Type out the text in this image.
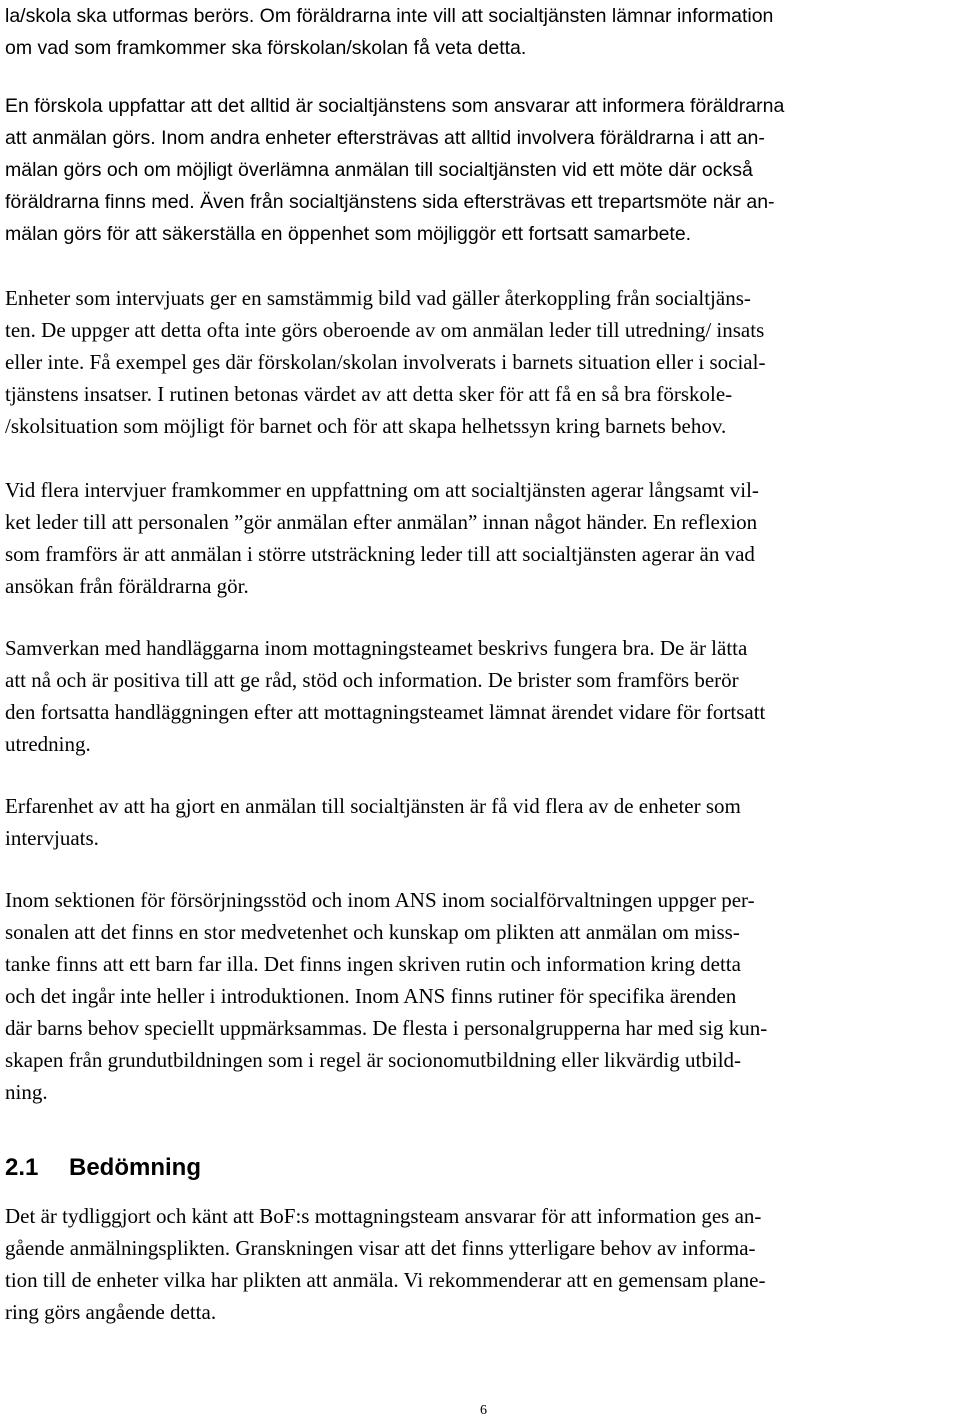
la/skola ska utformas berörs. Om föräldrarna inte vill att socialtjänsten lämnar information
om vad som framkommer ska förskolan/skolan få veta detta.

En förskola uppfattar att det alltid är socialtjänstens som ansvarar att informera föräldrarna
att anmälan görs. Inom andra enheter eftersträvas att alltid involvera föräldrarna i att an-
mälan görs och om möjligt överlämna anmälan till socialtjänsten vid ett möte där också
föräldrarna finns med. Även från socialtjänstens sida eftersträvas ett trepartsmöte när an-
mälan görs för att säkerställa en öppenhet som möjliggör ett fortsatt samarbete.

Enheter som intervjuats ger en samstämmig bild vad gäller återkoppling från socialtjäns-
ten. De uppger att detta ofta inte görs oberoende av om anmälan leder till utredning/ insats
eller inte. Få exempel ges där förskolan/skolan involverats i barnets situation eller i social-
tjänstens insatser. I rutinen betonas värdet av att detta sker för att få en så bra förskole-
/skolsituation som möjligt för barnet och för att skapa helhetssyn kring barnets behov.

Vid flera intervjuer framkommer en uppfattning om att socialtjänsten agerar långsamt vil-
ket leder till att personalen ”gör anmälan efter anmälan” innan något händer. En reflexion
som framförs är att anmälan i större utsträckning leder till att socialtjänsten agerar än vad
ansökan från föräldrarna gör.

Samverkan med handläggarna inom mottagningsteamet beskrivs fungera bra. De är lätta
att nå och är positiva till att ge råd, stöd och information. De brister som framförs berör
den fortsatta handläggningen efter att mottagningsteamet lämnat ärendet vidare för fortsatt
utredning.

Erfarenhet av att ha gjort en anmälan till socialtjänsten är få vid flera av de enheter som
intervjuats.

Inom sektionen för försörjningsstöd och inom ANS inom socialförvaltningen uppger per-
sonalen att det finns en stor medvetenhet och kunskap om plikten att anmälan om miss-
tanke finns att ett barn far illa. Det finns ingen skriven rutin och information kring detta
och det ingår inte heller i introduktionen. Inom ANS finns rutiner för specifika ärenden
där barns behov speciellt uppmärksammas. De flesta i personalgrupperna har med sig kun-
skapen från grundutbildningen som i regel är socionomutbildning eller likvärdig utbild-
ning.

2.1 Bedömning

Det är tydliggjort och känt att BoF:s mottagningsteam ansvarar för att information ges an-
gående anmälningsplikten. Granskningen visar att det finns ytterligare behov av informa-
tion till de enheter vilka har plikten att anmäla. Vi rekommenderar att en gemensam plane-
ring görs angående detta.

6
